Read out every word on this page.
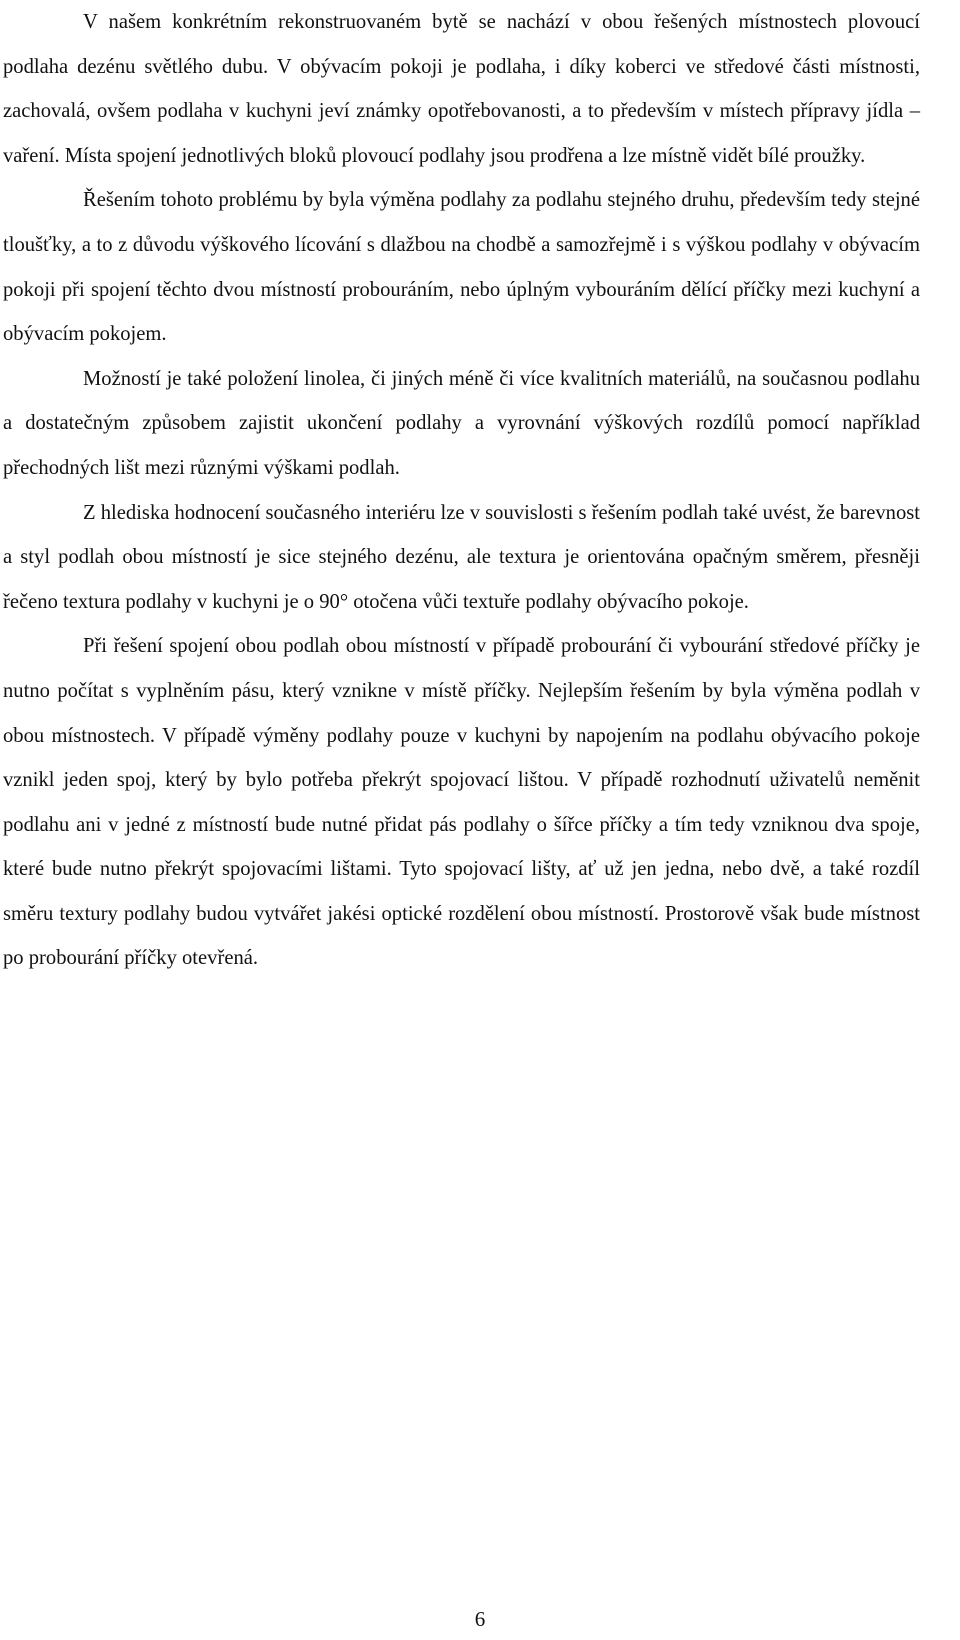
V našem konkrétním rekonstruovaném bytě se nachází v obou řešených místnostech plovoucí podlaha dezénu světlého dubu. V obývacím pokoji je podlaha, i díky koberci ve středové části místnosti, zachovalá, ovšem podlaha v kuchyni jeví známky opotřebovanosti, a to především v místech přípravy jídla – vaření. Místa spojení jednotlivých bloků plovoucí podlahy jsou prodřena a lze místně vidět bílé proužky.

Řešením tohoto problému by byla výměna podlahy za podlahu stejného druhu, především tedy stejné tloušťky, a to z důvodu výškového lícování s dlažbou na chodbě a samozřejmě i s výškou podlahy v obývacím pokoji při spojení těchto dvou místností probouráním, nebo úplným vybouráním dělící příčky mezi kuchyní a obývacím pokojem.

Možností je také položení linolea, či jiných méně či více kvalitních materiálů, na současnou podlahu a dostatečným způsobem zajistit ukončení podlahy a vyrovnání výškových rozdílů pomocí například přechodných lišt mezi různými výškami podlah.

Z hlediska hodnocení současného interiéru lze v souvislosti s řešením podlah také uvést, že barevnost a styl podlah obou místností je sice stejného dezénu, ale textura je orientována opačným směrem, přesněji řečeno textura podlahy v kuchyni je o 90° otočena vůči textuře podlahy obývacího pokoje.

Při řešení spojení obou podlah obou místností v případě probourání či vybourání středové příčky je nutno počítat s vyplněním pásu, který vznikne v místě příčky. Nejlepším řešením by byla výměna podlah v obou místnostech. V případě výměny podlahy pouze v kuchyni by napojením na podlahu obývacího pokoje vznikl jeden spoj, který by bylo potřeba překrýt spojovací lištou. V případě rozhodnutí uživatelů neměnit podlahu ani v jedné z místností bude nutné přidat pás podlahy o šířce příčky a tím tedy vzniknou dva spoje, které bude nutno překrýt spojovacími lištami. Tyto spojovací lišty, ať už jen jedna, nebo dvě, a také rozdíl směru textury podlahy budou vytvářet jakési optické rozdělení obou místností. Prostorově však bude místnost po probourání příčky otevřená.

6
